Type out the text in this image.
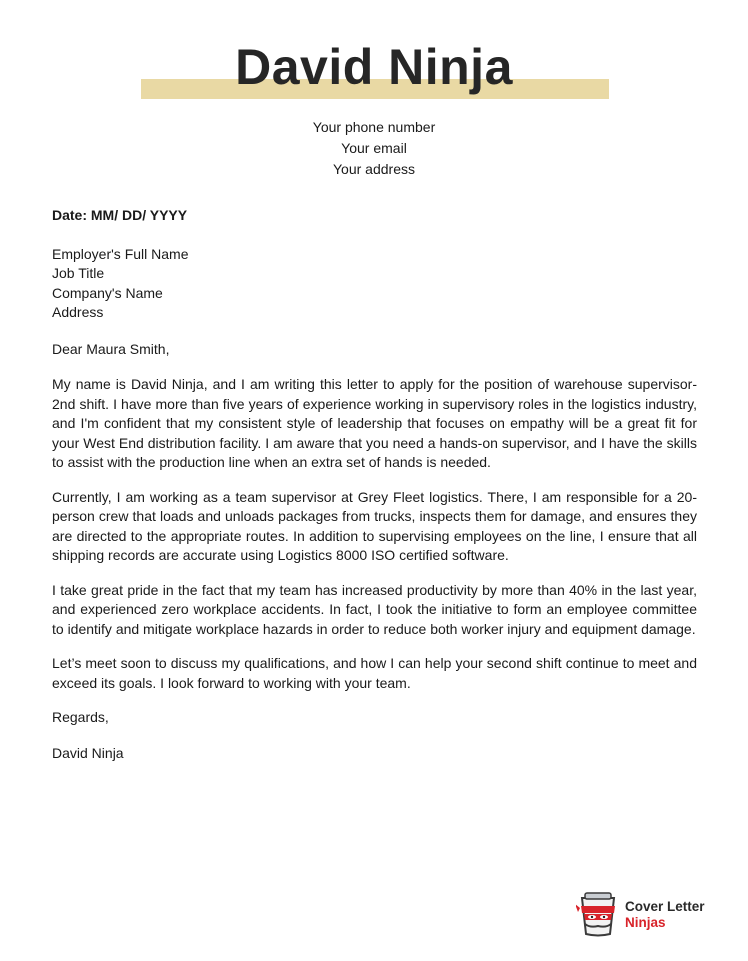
David Ninja
Your phone number
Your email
Your address
Date: MM/ DD/ YYYY
Employer's Full Name
Job Title
Company's Name
Address
Dear Maura Smith,

My name is David Ninja, and I am writing this letter to apply for the position of warehouse supervisor- 2nd shift. I have more than five years of experience working in supervisory roles in the logistics industry, and I'm confident that my consistent style of leadership that focuses on empathy will be a great fit for your West End distribution facility. I am aware that you need a hands-on supervisor, and I have the skills to assist with the production line when an extra set of hands is needed.

Currently, I am working as a team supervisor at Grey Fleet logistics. There, I am responsible for a 20-person crew that loads and unloads packages from trucks, inspects them for damage, and ensures they are directed to the appropriate routes. In addition to supervising employees on the line, I ensure that all shipping records are accurate using Logistics 8000 ISO certified software.

I take great pride in the fact that my team has increased productivity by more than 40% in the last year, and experienced zero workplace accidents. In fact, I took the initiative to form an employee committee to identify and mitigate workplace hazards in order to reduce both worker injury and equipment damage.

Let’s meet soon to discuss my qualifications, and how I can help your second shift continue to meet and exceed its goals. I look forward to working with your team.

Regards,
David Ninja
Cover Letter
Ninjas
